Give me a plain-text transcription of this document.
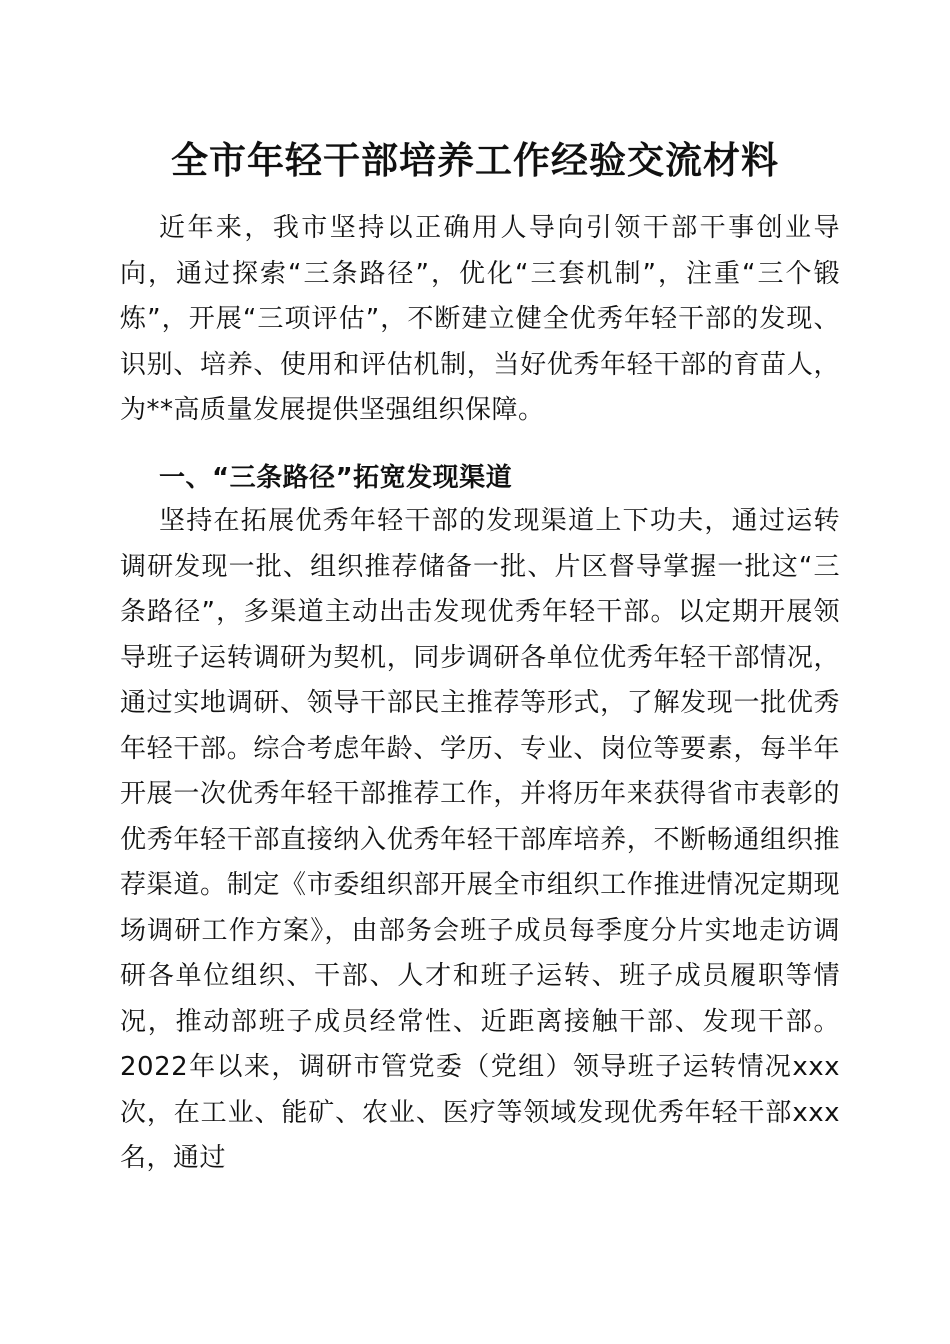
全市年轻干部培养工作经验交流材料

近年来，我市坚持以正确用人导向引领干部干事创业导向，通过探索“三条路径”，优化“三套机制”，注重“三个锻炼”，开展“三项评估”，不断建立健全优秀年轻干部的发现、识别、培养、使用和评估机制，当好优秀年轻干部的育苗人，为**高质量发展提供坚强组织保障。

一、“三条路径”拓宽发现渠道

坚持在拓展优秀年轻干部的发现渠道上下功夫，通过运转调研发现一批、组织推荐储备一批、片区督导掌握一批这“三条路径”，多渠道主动出击发现优秀年轻干部。以定期开展领导班子运转调研为契机，同步调研各单位优秀年轻干部情况，通过实地调研、领导干部民主推荐等形式，了解发现一批优秀年轻干部。综合考虑年龄、学历、专业、岗位等要素，每半年开展一次优秀年轻干部推荐工作，并将历年来获得省市表彰的优秀年轻干部直接纳入优秀年轻干部库培养，不断畅通组织推荐渠道。制定《市委组织部开展全市组织工作推进情况定期现场调研工作方案》，由部务会班子成员每季度分片实地走访调研各单位组织、干部、人才和班子运转、班子成员履职等情况，推动部班子成员经常性、近距离接触干部、发现干部。2022年以来，调研市管党委（党组）领导班子运转情况xxx次，在工业、能矿、农业、医疗等领域发现优秀年轻干部xxx名，通过
